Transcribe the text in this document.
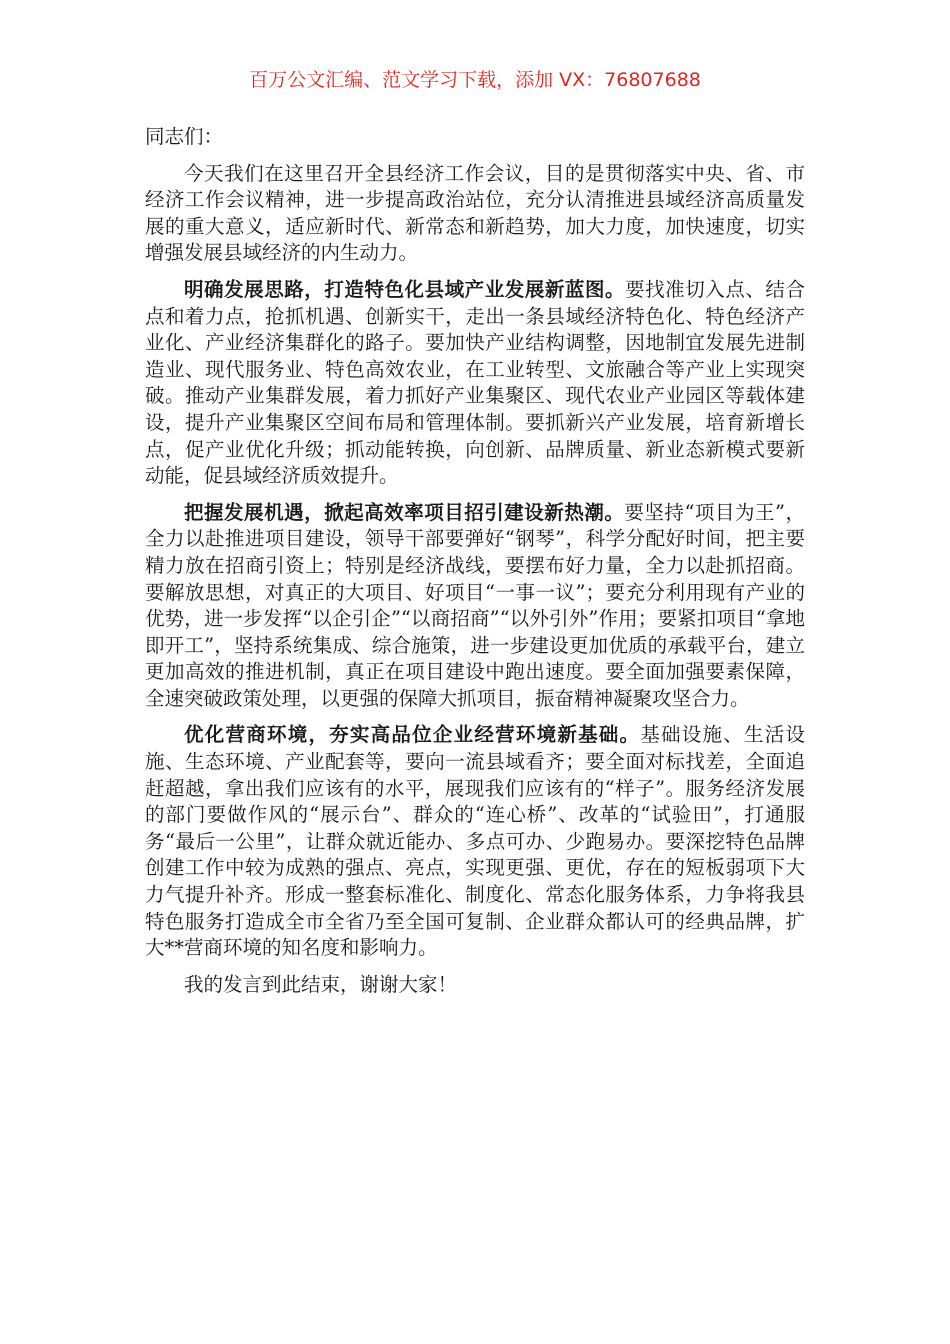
百万公文汇编、范文学习下载，添加 VX：76807688

同志们：

今天我们在这里召开全县经济工作会议，目的是贯彻落实中央、省、市经济工作会议精神，进一步提高政治站位，充分认清推进县域经济高质量发展的重大意义，适应新时代、新常态和新趋势，加大力度，加快速度，切实增强发展县域经济的内生动力。

明确发展思路，打造特色化县域产业发展新蓝图。要找准切入点、结合点和着力点，抢抓机遇、创新实干，走出一条县域经济特色化、特色经济产业化、产业经济集群化的路子。要加快产业结构调整，因地制宜发展先进制造业、现代服务业、特色高效农业，在工业转型、文旅融合等产业上实现突破。推动产业集群发展，着力抓好产业集聚区、现代农业产业园区等载体建设，提升产业集聚区空间布局和管理体制。要抓新兴产业发展，培育新增长点，促产业优化升级；抓动能转换，向创新、品牌质量、新业态新模式要新动能，促县域经济质效提升。

把握发展机遇，掀起高效率项目招引建设新热潮。要坚持“项目为王”，全力以赴推进项目建设，领导干部要弹好“钢琴”，科学分配好时间，把主要精力放在招商引资上；特别是经济战线，要摆布好力量，全力以赴抓招商。要解放思想，对真正的大项目、好项目“一事一议”；要充分利用现有产业的优势，进一步发挥“以企引企”“以商招商”“以外引外”作用；要紧扣项目“拿地即开工”，坚持系统集成、综合施策，进一步建设更加优质的承载平台，建立更加高效的推进机制，真正在项目建设中跑出速度。要全面加强要素保障，全速突破政策处理，以更强的保障大抓项目，振奋精神凝聚攻坚合力。

优化营商环境，夯实高品位企业经营环境新基础。基础设施、生活设施、生态环境、产业配套等，要向一流县域看齐；要全面对标找差，全面追赶超越，拿出我们应该有的水平，展现我们应该有的“样子”。服务经济发展的部门要做作风的“展示台”、群众的“连心桥”、改革的“试验田”，打通服务“最后一公里”，让群众就近能办、多点可办、少跑易办。要深挖特色品牌创建工作中较为成熟的强点、亮点，实现更强、更优，存在的短板弱项下大力气提升补齐。形成一整套标准化、制度化、常态化服务体系，力争将我县特色服务打造成全市全省乃至全国可复制、企业群众都认可的经典品牌，扩大**营商环境的知名度和影响力。

我的发言到此结束，谢谢大家！
